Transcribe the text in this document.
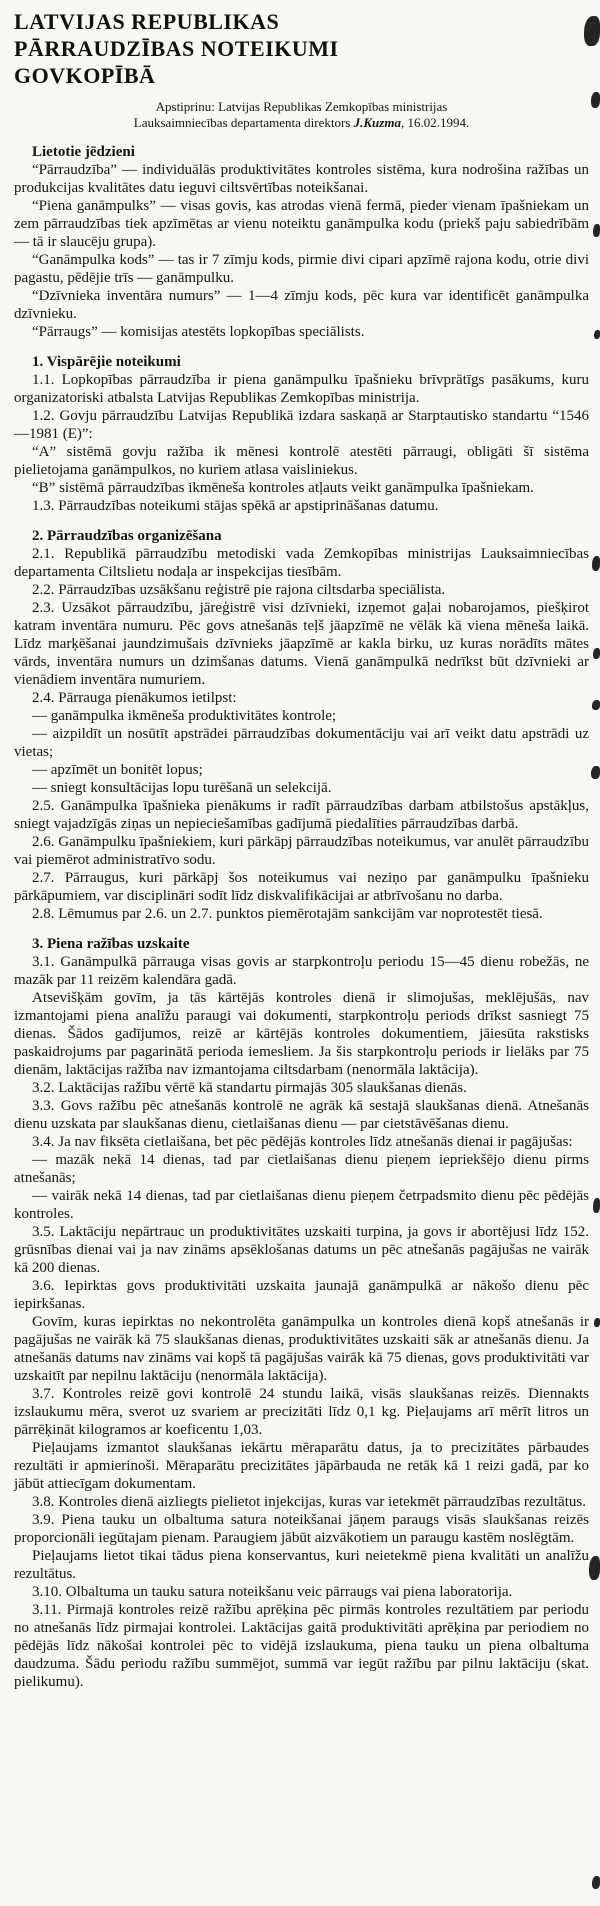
LATVIJAS REPUBLIKAS
PĀRRAUDZĪBAS NOTEIKUMI
GOVKOPĪBĀ
Apstiprinu: Latvijas Republikas Zemkopības ministrijas
Lauksaimniecības departamenta direktors J.Kuzma, 16.02.1994.

Lietotie jēdzieni

“Pārraudzība” — individuālās produktivitātes kontroles sistēma, kura nodrošina ražības un produkcijas kvalitātes datu ieguvi ciltsvērtības noteikšanai.

“Piena ganāmpulks” — visas govis, kas atrodas vienā fermā, pieder vienam īpašniekam un zem pārraudzības tiek apzīmētas ar vienu noteiktu ganāmpulka kodu (priekš paju sabiedrībām — tā ir slaucēju grupa).

“Ganāmpulka kods” — tas ir 7 zīmju kods, pirmie divi cipari apzīmē rajona kodu, otrie divi pagastu, pēdējie trīs — ganāmpulku.

“Dzīvnieka inventāra numurs” — 1—4 zīmju kods, pēc kura var identificēt ganāmpulka dzīvnieku.

“Pārraugs” — komisijas atestēts lopkopības speciālists.

1. Vispārējie noteikumi

1.1. Lopkopības pārraudzība ir piena ganāmpulku īpašnieku brīvprātīgs pasākums, kuru organizatoriski atbalsta Latvijas Republikas Zemkopības ministrija.

1.2. Govju pārraudzību Latvijas Republikā izdara saskaņā ar Starptautisko standartu “1546—1981 (E)”:

“A” sistēmā govju ražība ik mēnesi kontrolē atestēti pārraugi, obligāti šī sistēma pielietojama ganāmpulkos, no kuriem atlasa vaisliniekus.

“B” sistēmā pārraudzības ikmēneša kontroles atļauts veikt ganāmpulka īpašniekam.

1.3. Pārraudzības noteikumi stājas spēkā ar apstiprināšanas datumu.

2. Pārraudzības organizēšana

2.1. Republikā pārraudzību metodiski vada Zemkopības ministrijas Lauksaimniecības departamenta Ciltslietu nodaļa ar inspekcijas tiesībām.

2.2. Pārraudzības uzsākšanu reģistrē pie rajona ciltsdarba speciālista.

2.3. Uzsākot pārraudzību, jāreģistrē visi dzīvnieki, izņemot gaļai nobarojamos, piešķirot katram inventāra numuru. Pēc govs atnešanās teļš jāapzīmē ne vēlāk kā viena mēneša laikā. Līdz marķēšanai jaundzimušais dzīvnieks jāapzīmē ar kakla birku, uz kuras norādīts mātes vārds, inventāra numurs un dzimšanas datums. Vienā ganāmpulkā nedrīkst būt dzīvnieki ar vienādiem inventāra numuriem.

2.4. Pārrauga pienākumos ietilpst:

— ganāmpulka ikmēneša produktivitātes kontrole;

— aizpildīt un nosūtīt apstrādei pārraudzības dokumentāciju vai arī veikt datu apstrādi uz vietas;

— apzīmēt un bonitēt lopus;

— sniegt konsultācijas lopu turēšanā un selekcijā.

2.5. Ganāmpulka īpašnieka pienākums ir radīt pārraudzības darbam atbilstošus apstākļus, sniegt vajadzīgās ziņas un nepieciešamības gadījumā piedalīties pārraudzības darbā.

2.6. Ganāmpulku īpašniekiem, kuri pārkāpj pārraudzības noteikumus, var anulēt pārraudzību vai piemērot administratīvo sodu.

2.7. Pārraugus, kuri pārkāpj šos noteikumus vai neziņo par ganāmpulku īpašnieku pārkāpumiem, var disciplināri sodīt līdz diskvalifikācijai ar atbrīvošanu no darba.

2.8. Lēmumus par 2.6. un 2.7. punktos piemērotajām sankcijām var noprotestēt tiesā.

3. Piena ražības uzskaite

3.1. Ganāmpulkā pārrauga visas govis ar starpkontroļu periodu 15—45 dienu robežās, ne mazāk par 11 reizēm kalendāra gadā.

Atsevišķām govīm, ja tās kārtējās kontroles dienā ir slimojušas, meklējušās, nav izmantojami piena analīžu paraugi vai dokumenti, starpkontroļu periods drīkst sasniegt 75 dienas. Šādos gadījumos, reizē ar kārtējās kontroles dokumentiem, jāiesūta rakstisks paskaidrojums par pagarinātā perioda iemesliem. Ja šis starpkontroļu periods ir lielāks par 75 dienām, laktācijas ražība nav izmantojama ciltsdarbam (nenormāla laktācija).

3.2. Laktācijas ražību vērtē kā standartu pirmajās 305 slaukšanas dienās.

3.3. Govs ražību pēc atnešanās kontrolē ne agrāk kā sestajā slaukšanas dienā. Atnešanās dienu uzskata par slaukšanas dienu, cietlaišanas dienu — par cietstāvēšanas dienu.

3.4. Ja nav fiksēta cietlaišana, bet pēc pēdējās kontroles līdz atnešanās dienai ir pagājušas:

— mazāk nekā 14 dienas, tad par cietlaišanas dienu pieņem iepriekšējo dienu pirms atnešanās;

— vairāk nekā 14 dienas, tad par cietlaišanas dienu pieņem četrpadsmito dienu pēc pēdējās kontroles.

3.5. Laktāciju nepārtrauc un produktivitātes uzskaiti turpina, ja govs ir abortējusi līdz 152. grūsnības dienai vai ja nav zināms apsēklošanas datums un pēc atnešanās pagājušas ne vairāk kā 200 dienas.

3.6. Iepirktas govs produktivitāti uzskaita jaunajā ganāmpulkā ar nākošo dienu pēc iepirkšanas.

Govīm, kuras iepirktas no nekontrolēta ganāmpulka un kontroles dienā kopš atnešanās ir pagājušas ne vairāk kā 75 slaukšanas dienas, produktivitātes uzskaiti sāk ar atnešanās dienu. Ja atnešanās datums nav zināms vai kopš tā pagājušas vairāk kā 75 dienas, govs produktivitāti var uzskaitīt par nepilnu laktāciju (nenormāla laktācija).

3.7. Kontroles reizē govi kontrolē 24 stundu laikā, visās slaukšanas reizēs. Diennakts izslaukumu mēra, sverot uz svariem ar precizitāti līdz 0,1 kg. Pieļaujams arī mērīt litros un pārrēķināt kilogramos ar koeficentu 1,03.

Pieļaujams izmantot slaukšanas iekārtu mēraparātu datus, ja to precizitātes pārbaudes rezultāti ir apmierinoši. Mēraparātu precizitātes jāpārbauda ne retāk kā 1 reizi gadā, par ko jābūt attiecīgam dokumentam.

3.8. Kontroles dienā aizliegts pielietot injekcijas, kuras var ietekmēt pārraudzības rezultātus.

3.9. Piena tauku un olbaltuma satura noteikšanai jāņem paraugs visās slaukšanas reizēs proporcionāli iegūtajam pienam. Paraugiem jābūt aizvākotiem un paraugu kastēm noslēgtām.

Pieļaujams lietot tikai tādus piena konservantus, kuri neietekmē piena kvalitāti un analīžu rezultātus.

3.10. Olbaltuma un tauku satura noteikšanu veic pārraugs vai piena laboratorija.

3.11. Pirmajā kontroles reizē ražību aprēķina pēc pirmās kontroles rezultātiem par periodu no atnešanās līdz pirmajai kontrolei. Laktācijas gaitā produktivitāti aprēķina par periodiem no pēdējās līdz nākošai kontrolei pēc to vidējā izslaukuma, piena tauku un piena olbaltuma daudzuma. Šādu periodu ražību summējot, summā var iegūt ražību par pilnu laktāciju (skat. pielikumu).
